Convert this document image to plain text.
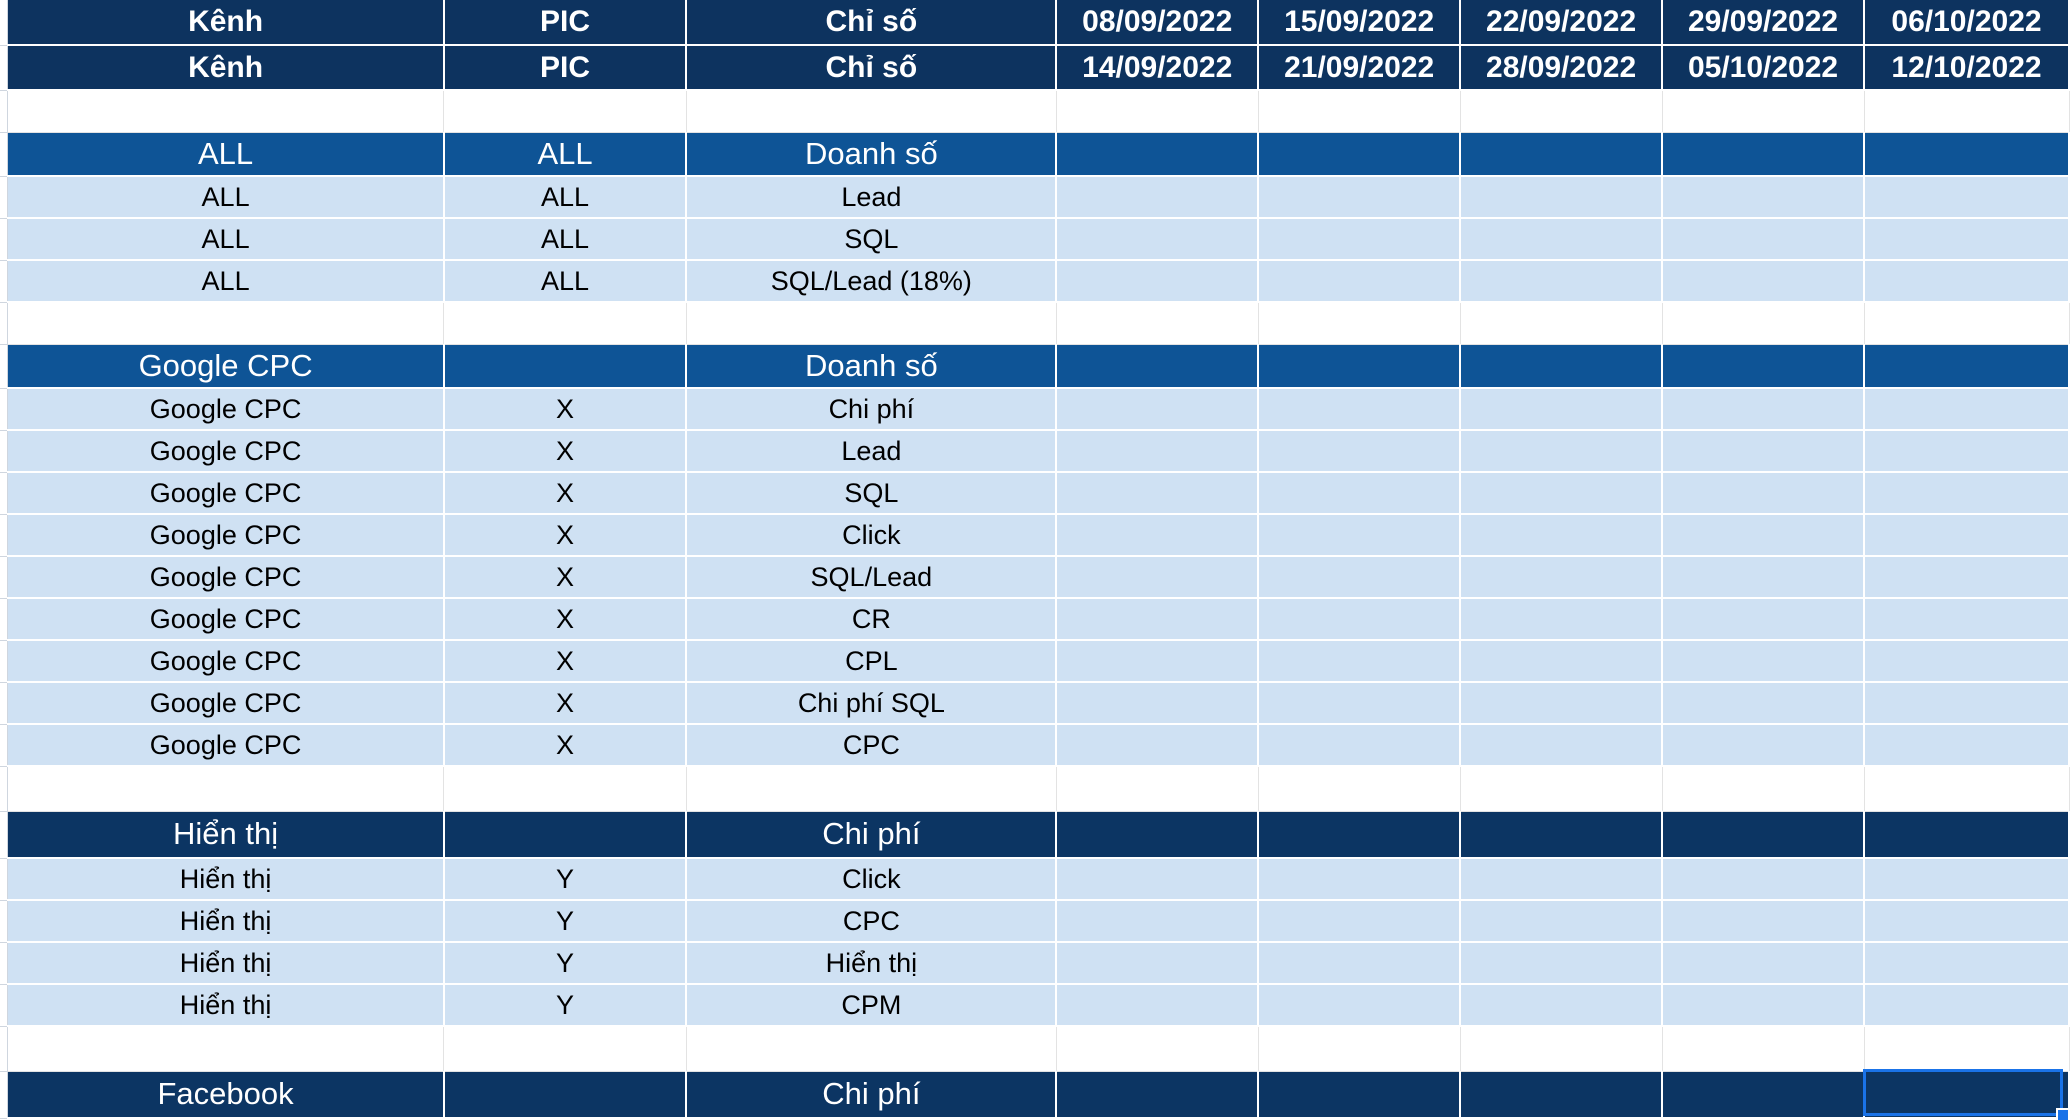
	Kênh	PIC	Chỉ số	08/09/2022	15/09/2022	22/09/2022	29/09/2022	06/10/2022
	Kênh	PIC	Chỉ số	14/09/2022	21/09/2022	28/09/2022	05/10/2022	12/10/2022

	ALL	ALL	Doanh số					
	ALL	ALL	Lead					
	ALL	ALL	SQL					
	ALL	ALL	SQL/Lead (18%)					

	Google CPC		Doanh số					
	Google CPC	X	Chi phí					
	Google CPC	X	Lead					
	Google CPC	X	SQL					
	Google CPC	X	Click					
	Google CPC	X	SQL/Lead					
	Google CPC	X	CR					
	Google CPC	X	CPL					
	Google CPC	X	Chi phí SQL					
	Google CPC	X	CPC					

	Hiển thị		Chi phí					
	Hiển thị	Y	Click					
	Hiển thị	Y	CPC					
	Hiển thị	Y	Hiển thị					
	Hiển thị	Y	CPM					

	Facebook		Chi phí					
